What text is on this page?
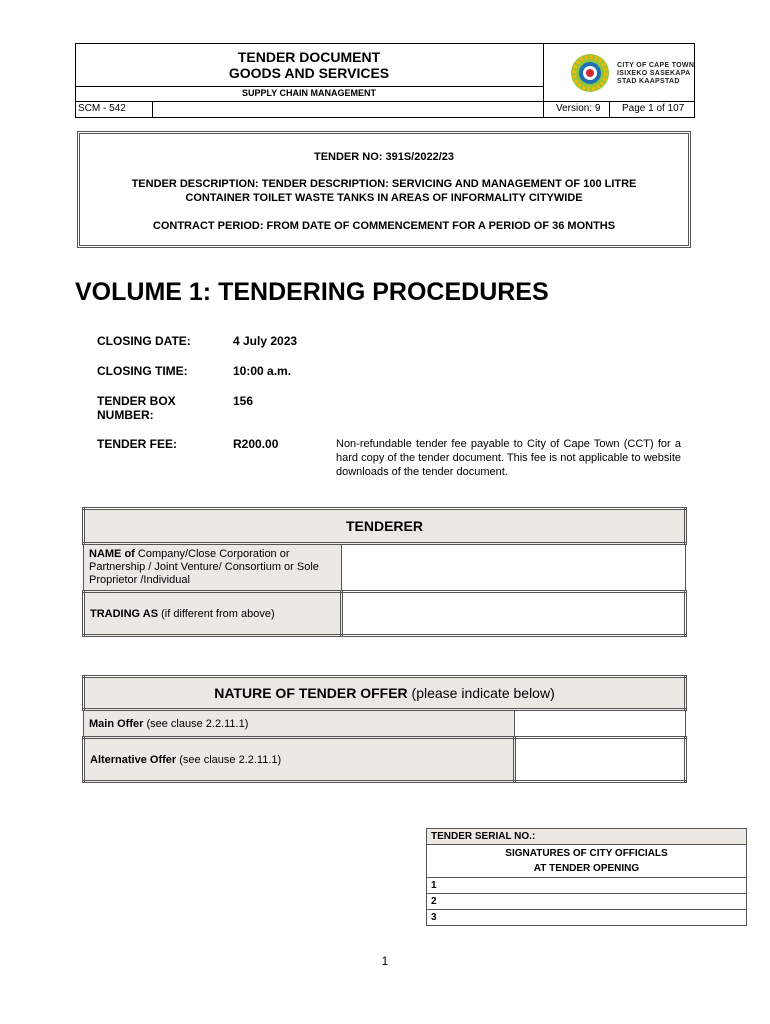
TENDER DOCUMENT
GOODS AND SERVICES
SUPPLY CHAIN MANAGEMENT
SCM - 542	Version: 9 Page 1 of 107
CITY OF CAPE TOWN
ISIXEKO SASEKAPA
STAD KAAPSTAD
TENDER NO: 391S/2022/23
TENDER DESCRIPTION: TENDER DESCRIPTION: SERVICING AND MANAGEMENT OF 100 LITRE
CONTAINER TOILET WASTE TANKS IN AREAS OF INFORMALITY CITYWIDE
CONTRACT PERIOD: FROM DATE OF COMMENCEMENT FOR A PERIOD OF 36 MONTHS
VOLUME 1: TENDERING PROCEDURES
CLOSING DATE:	4 July 2023
CLOSING TIME:	10:00 a.m.
TENDER BOX
NUMBER:
156
TENDER FEE:	R200.00	Non-refundable tender fee payable to City of Cape Town (CCT) for a hard copy of the tender document. This fee is not applicable to website downloads of the tender document.
TENDERER	
NAME of Company/Close Corporation or Partnership / Joint Venture/ Consortium or Sole Proprietor /Individual	
TRADING AS (if different from above)	
NATURE OF TENDER OFFER (please indicate below)	
Main Offer (see clause 2.2.11.1)	
Alternative Offer (see clause 2.2.11.1)	
TENDER SERIAL NO.:

SIGNATURES OF CITY OFFICIALS
AT TENDER OPENING

1
2
3
1
